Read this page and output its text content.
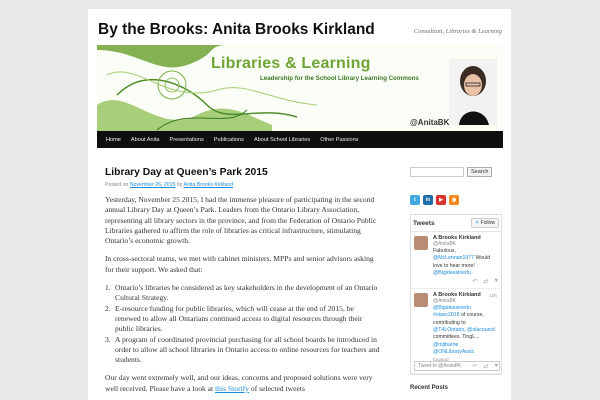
By the Brooks: Anita Brooks Kirkland	Consultant, Libraries & Learning
Libraries & Learning
Leadership for the School Library Learning Commons
@AnitaBK
Home	About Anita	Presentations	Publications	About School Libraries	Other Passions
Library Day at Queen’s Park 2015
Posted on November 26, 2015 by Anita Brooks Kirkland

Yesterday, November 25 2015, I had the immense pleasure of participating in the second annual Library Day at Queen’s Park. Leaders from the Ontario Library Association, representing all library sectors in the province, and from the Federation of Ontario Public Libraries gathered to affirm the role of libraries as critical infrastructure, stimulating Ontario’s economic growth.

In cross-sectoral teams, we met with cabinet ministers, MPPs and senior advisors asking for their support. We asked that:

1. Ontario’s libraries be considered as key stakeholders in the development of an Ontario Cultural Strategy.
2. E-resource funding for public libraries, which will cease at the end of 2015, be renewed to allow all Ontarians continued access to digital resources through their public libraries.
3. A program of coordinated provincial purchasing for all school boards be introduced in order to allow all school libraries in Ontario access to online resources for teachers and students.

Our day went extremely well, and our ideas, concerns and proposed solutions were very well received. Please have a look at this Storify of selected tweets

Search
t	in	▶	◉
Tweets	✦ Follow
A Brooks Kirkland
@AnitaBK
Fabulous, @McLennan1977 Would love to hear more! @Bigideasinedu
↶ ⇄ ♥
10h
A Brooks Kirkland
@AnitaBK
@Bigideasinedu #olasc2016 of course, contributing to @T4LOntario, @olacouncil committees. TingL... @mjtbarrie @ONLibraryAssic
Expand
↶ ⇄ ♥
Tweet to @AnitaBK
Recent Posts
